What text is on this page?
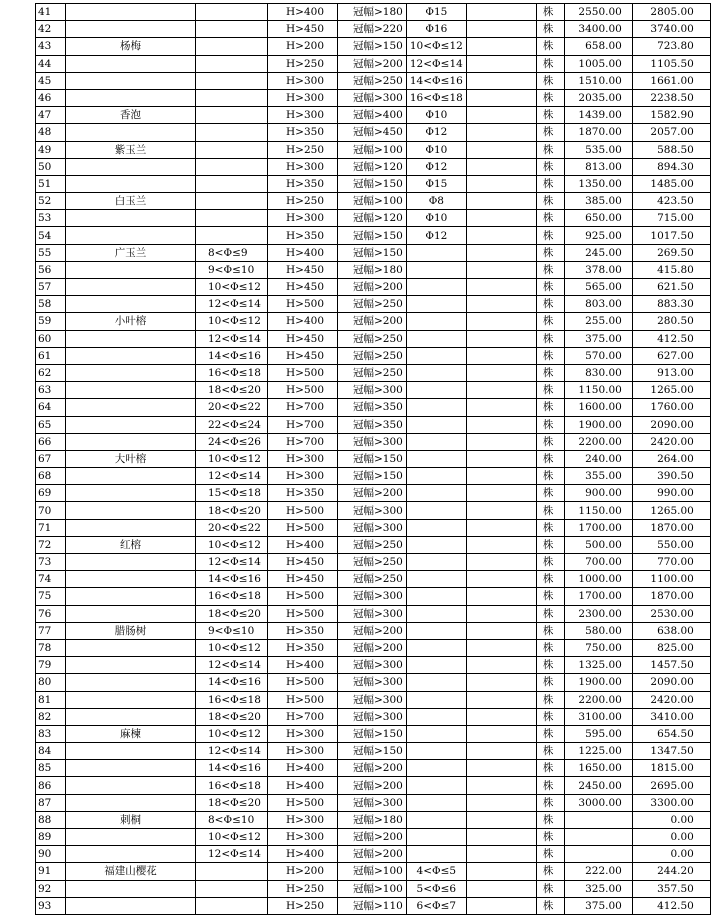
41			H>400	冠幅>180	Φ15		株	2550.00	2805.00
42			H>450	冠幅>220	Φ16		株	3400.00	3740.00
43	杨梅		H>200	冠幅>150	10<Φ≤12		株	658.00	723.80
44			H>250	冠幅>200	12<Φ≤14		株	1005.00	1105.50
45			H>300	冠幅>250	14<Φ≤16		株	1510.00	1661.00
46			H>300	冠幅>300	16<Φ≤18		株	2035.00	2238.50
47	香泡		H>300	冠幅>400	Φ10		株	1439.00	1582.90
48			H>350	冠幅>450	Φ12		株	1870.00	2057.00
49	紫玉兰		H>250	冠幅>100	Φ10		株	535.00	588.50
50			H>300	冠幅>120	Φ12		株	813.00	894.30
51			H>350	冠幅>150	Φ15		株	1350.00	1485.00
52	白玉兰		H>250	冠幅>100	Φ8		株	385.00	423.50
53			H>300	冠幅>120	Φ10		株	650.00	715.00
54			H>350	冠幅>150	Φ12		株	925.00	1017.50
55	广玉兰	8<Φ≤9	H>400	冠幅>150			株	245.00	269.50
56		9<Φ≤10	H>450	冠幅>180			株	378.00	415.80
57		10<Φ≤12	H>450	冠幅>200			株	565.00	621.50
58		12<Φ≤14	H>500	冠幅>250			株	803.00	883.30
59	小叶榕	10<Φ≤12	H>400	冠幅>200			株	255.00	280.50
60		12<Φ≤14	H>450	冠幅>250			株	375.00	412.50
61		14<Φ≤16	H>450	冠幅>250			株	570.00	627.00
62		16<Φ≤18	H>500	冠幅>250			株	830.00	913.00
63		18<Φ≤20	H>500	冠幅>300			株	1150.00	1265.00
64		20<Φ≤22	H>700	冠幅>350			株	1600.00	1760.00
65		22<Φ≤24	H>700	冠幅>350			株	1900.00	2090.00
66		24<Φ≤26	H>700	冠幅>300			株	2200.00	2420.00
67	大叶榕	10<Φ≤12	H>300	冠幅>150			株	240.00	264.00
68		12<Φ≤14	H>300	冠幅>150			株	355.00	390.50
69		15<Φ≤18	H>350	冠幅>200			株	900.00	990.00
70		18<Φ≤20	H>500	冠幅>300			株	1150.00	1265.00
71		20<Φ≤22	H>500	冠幅>300			株	1700.00	1870.00
72	红榕	10<Φ≤12	H>400	冠幅>250			株	500.00	550.00
73		12<Φ≤14	H>450	冠幅>250			株	700.00	770.00
74		14<Φ≤16	H>450	冠幅>250			株	1000.00	1100.00
75		16<Φ≤18	H>500	冠幅>300			株	1700.00	1870.00
76		18<Φ≤20	H>500	冠幅>300			株	2300.00	2530.00
77	腊肠树	9<Φ≤10	H>350	冠幅>200			株	580.00	638.00
78		10<Φ≤12	H>350	冠幅>200			株	750.00	825.00
79		12<Φ≤14	H>400	冠幅>300			株	1325.00	1457.50
80		14<Φ≤16	H>500	冠幅>300			株	1900.00	2090.00
81		16<Φ≤18	H>500	冠幅>300			株	2200.00	2420.00
82		18<Φ≤20	H>700	冠幅>300			株	3100.00	3410.00
83	麻楝	10<Φ≤12	H>300	冠幅>150			株	595.00	654.50
84		12<Φ≤14	H>300	冠幅>150			株	1225.00	1347.50
85		14<Φ≤16	H>400	冠幅>200			株	1650.00	1815.00
86		16<Φ≤18	H>400	冠幅>200			株	2450.00	2695.00
87		18<Φ≤20	H>500	冠幅>300			株	3000.00	3300.00
88	刺桐	8<Φ≤10	H>300	冠幅>180			株		0.00
89		10<Φ≤12	H>300	冠幅>200			株		0.00
90		12<Φ≤14	H>400	冠幅>200			株		0.00
91	福建山樱花		H>200	冠幅>100	4<Φ≤5		株	222.00	244.20
92			H>250	冠幅>100	5<Φ≤6		株	325.00	357.50
93			H>250	冠幅>110	6<Φ≤7		株	375.00	412.50
